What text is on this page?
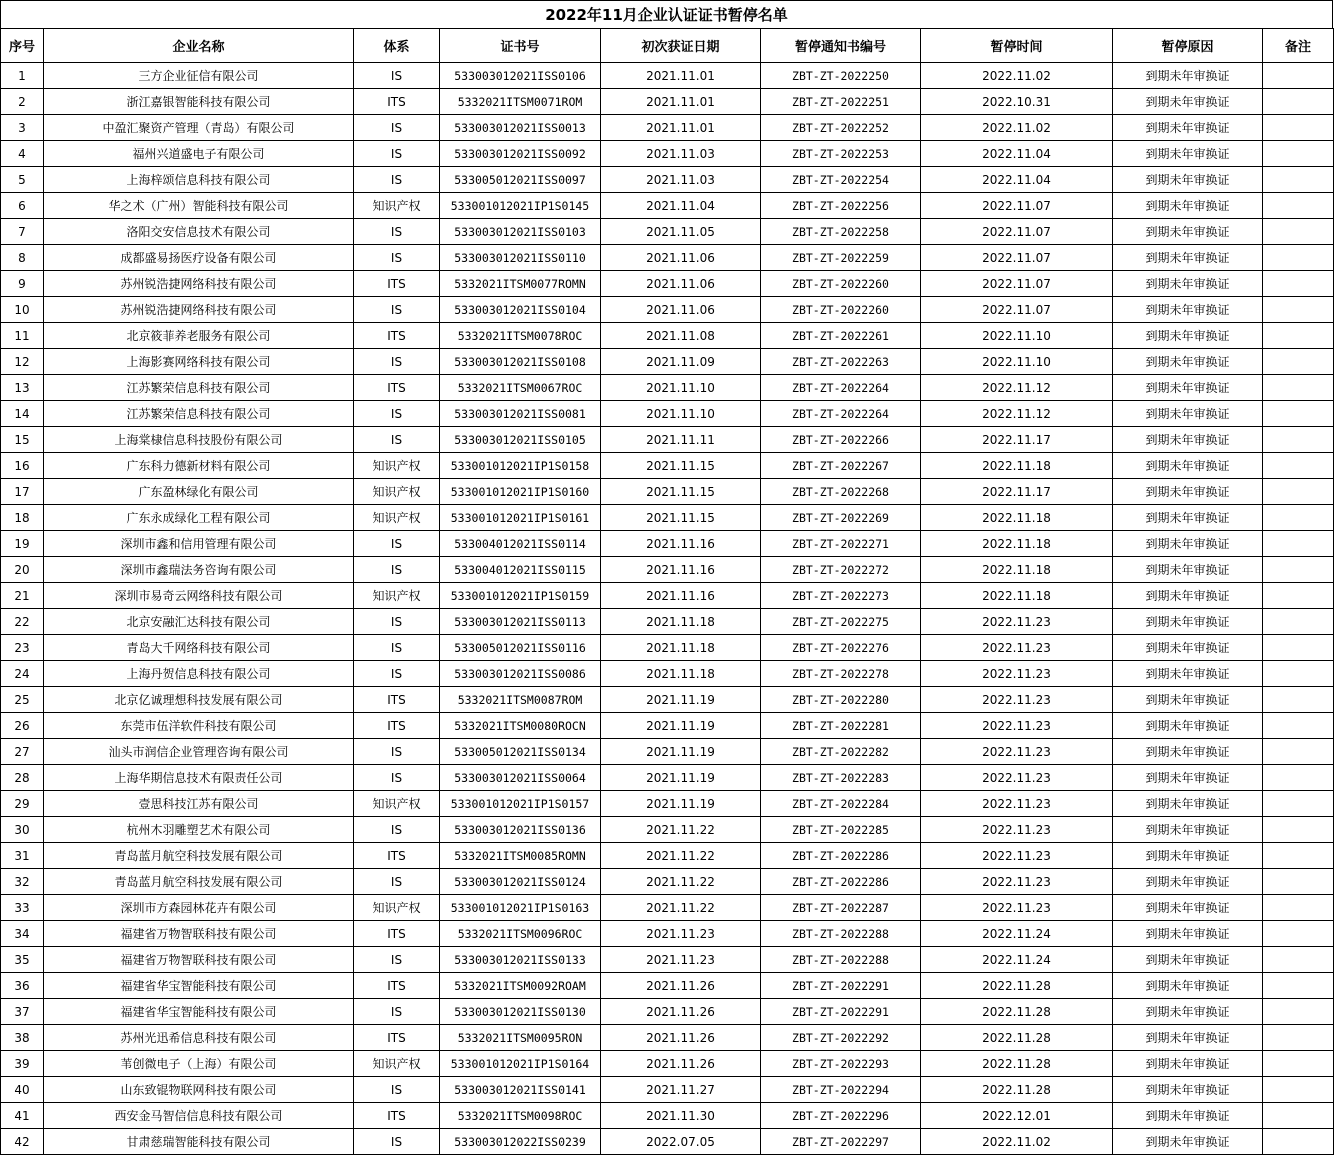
2022年11月企业认证证书暂停名单
序号	企业名称	体系	证书号	初次获证日期	暂停通知书编号	暂停时间	暂停原因	备注
1	三方企业征信有限公司	IS	533003012021ISS0106	2021.11.01	ZBT-ZT-2022250	2022.11.02	到期未年审换证	
2	浙江嘉银智能科技有限公司	ITS	5332021ITSM0071ROM	2021.11.01	ZBT-ZT-2022251	2022.10.31	到期未年审换证	
3	中盈汇聚资产管理（青岛）有限公司	IS	533003012021ISS0013	2021.11.01	ZBT-ZT-2022252	2022.11.02	到期未年审换证	
4	福州兴道盛电子有限公司	IS	533003012021ISS0092	2021.11.03	ZBT-ZT-2022253	2022.11.04	到期未年审换证	
5	上海梓颂信息科技有限公司	IS	533005012021ISS0097	2021.11.03	ZBT-ZT-2022254	2022.11.04	到期未年审换证	
6	华之术（广州）智能科技有限公司	知识产权	533001012021IP1S0145	2021.11.04	ZBT-ZT-2022256	2022.11.07	到期未年审换证	
7	洛阳交安信息技术有限公司	IS	533003012021ISS0103	2021.11.05	ZBT-ZT-2022258	2022.11.07	到期未年审换证	
8	成都盛易扬医疗设备有限公司	IS	533003012021ISS0110	2021.11.06	ZBT-ZT-2022259	2022.11.07	到期未年审换证	
9	苏州锐浩捷网络科技有限公司	ITS	5332021ITSM0077ROMN	2021.11.06	ZBT-ZT-2022260	2022.11.07	到期未年审换证	
10	苏州锐浩捷网络科技有限公司	IS	533003012021ISS0104	2021.11.06	ZBT-ZT-2022260	2022.11.07	到期未年审换证	
11	北京筱菲养老服务有限公司	ITS	5332021ITSM0078ROC	2021.11.08	ZBT-ZT-2022261	2022.11.10	到期未年审换证	
12	上海影赛网络科技有限公司	IS	533003012021ISS0108	2021.11.09	ZBT-ZT-2022263	2022.11.10	到期未年审换证	
13	江苏繁荣信息科技有限公司	ITS	5332021ITSM0067ROC	2021.11.10	ZBT-ZT-2022264	2022.11.12	到期未年审换证	
14	江苏繁荣信息科技有限公司	IS	533003012021ISS0081	2021.11.10	ZBT-ZT-2022264	2022.11.12	到期未年审换证	
15	上海棠棣信息科技股份有限公司	IS	533003012021ISS0105	2021.11.11	ZBT-ZT-2022266	2022.11.17	到期未年审换证	
16	广东科力德新材料有限公司	知识产权	533001012021IP1S0158	2021.11.15	ZBT-ZT-2022267	2022.11.18	到期未年审换证	
17	广东盈林绿化有限公司	知识产权	533001012021IP1S0160	2021.11.15	ZBT-ZT-2022268	2022.11.17	到期未年审换证	
18	广东永成绿化工程有限公司	知识产权	533001012021IP1S0161	2021.11.15	ZBT-ZT-2022269	2022.11.18	到期未年审换证	
19	深圳市鑫和信用管理有限公司	IS	533004012021ISS0114	2021.11.16	ZBT-ZT-2022271	2022.11.18	到期未年审换证	
20	深圳市鑫瑞法务咨询有限公司	IS	533004012021ISS0115	2021.11.16	ZBT-ZT-2022272	2022.11.18	到期未年审换证	
21	深圳市易奇云网络科技有限公司	知识产权	533001012021IP1S0159	2021.11.16	ZBT-ZT-2022273	2022.11.18	到期未年审换证	
22	北京安融汇达科技有限公司	IS	533003012021ISS0113	2021.11.18	ZBT-ZT-2022275	2022.11.23	到期未年审换证	
23	青岛大千网络科技有限公司	IS	533005012021ISS0116	2021.11.18	ZBT-ZT-2022276	2022.11.23	到期未年审换证	
24	上海丹贺信息科技有限公司	IS	533003012021ISS0086	2021.11.18	ZBT-ZT-2022278	2022.11.23	到期未年审换证	
25	北京亿诚理想科技发展有限公司	ITS	5332021ITSM0087ROM	2021.11.19	ZBT-ZT-2022280	2022.11.23	到期未年审换证	
26	东莞市伍洋软件科技有限公司	ITS	5332021ITSM0080ROCN	2021.11.19	ZBT-ZT-2022281	2022.11.23	到期未年审换证	
27	汕头市润信企业管理咨询有限公司	IS	533005012021ISS0134	2021.11.19	ZBT-ZT-2022282	2022.11.23	到期未年审换证	
28	上海华期信息技术有限责任公司	IS	533003012021ISS0064	2021.11.19	ZBT-ZT-2022283	2022.11.23	到期未年审换证	
29	壹思科技江苏有限公司	知识产权	533001012021IP1S0157	2021.11.19	ZBT-ZT-2022284	2022.11.23	到期未年审换证	
30	杭州木羽雕塑艺术有限公司	IS	533003012021ISS0136	2021.11.22	ZBT-ZT-2022285	2022.11.23	到期未年审换证	
31	青岛蓝月航空科技发展有限公司	ITS	5332021ITSM0085ROMN	2021.11.22	ZBT-ZT-2022286	2022.11.23	到期未年审换证	
32	青岛蓝月航空科技发展有限公司	IS	533003012021ISS0124	2021.11.22	ZBT-ZT-2022286	2022.11.23	到期未年审换证	
33	深圳市方森园林花卉有限公司	知识产权	533001012021IP1S0163	2021.11.22	ZBT-ZT-2022287	2022.11.23	到期未年审换证	
34	福建省万物智联科技有限公司	ITS	5332021ITSM0096ROC	2021.11.23	ZBT-ZT-2022288	2022.11.24	到期未年审换证	
35	福建省万物智联科技有限公司	IS	533003012021ISS0133	2021.11.23	ZBT-ZT-2022288	2022.11.24	到期未年审换证	
36	福建省华宝智能科技有限公司	ITS	5332021ITSM0092ROAM	2021.11.26	ZBT-ZT-2022291	2022.11.28	到期未年审换证	
37	福建省华宝智能科技有限公司	IS	533003012021ISS0130	2021.11.26	ZBT-ZT-2022291	2022.11.28	到期未年审换证	
38	苏州光迅希信息科技有限公司	ITS	5332021ITSM0095RON	2021.11.26	ZBT-ZT-2022292	2022.11.28	到期未年审换证	
39	苇创微电子（上海）有限公司	知识产权	533001012021IP1S0164	2021.11.26	ZBT-ZT-2022293	2022.11.28	到期未年审换证	
40	山东致锟物联网科技有限公司	IS	533003012021ISS0141	2021.11.27	ZBT-ZT-2022294	2022.11.28	到期未年审换证	
41	西安金马智信信息科技有限公司	ITS	5332021ITSM0098ROC	2021.11.30	ZBT-ZT-2022296	2022.12.01	到期未年审换证	
42	甘肃慈瑞智能科技有限公司	IS	533003012022ISS0239	2022.07.05	ZBT-ZT-2022297	2022.11.02	到期未年审换证	
